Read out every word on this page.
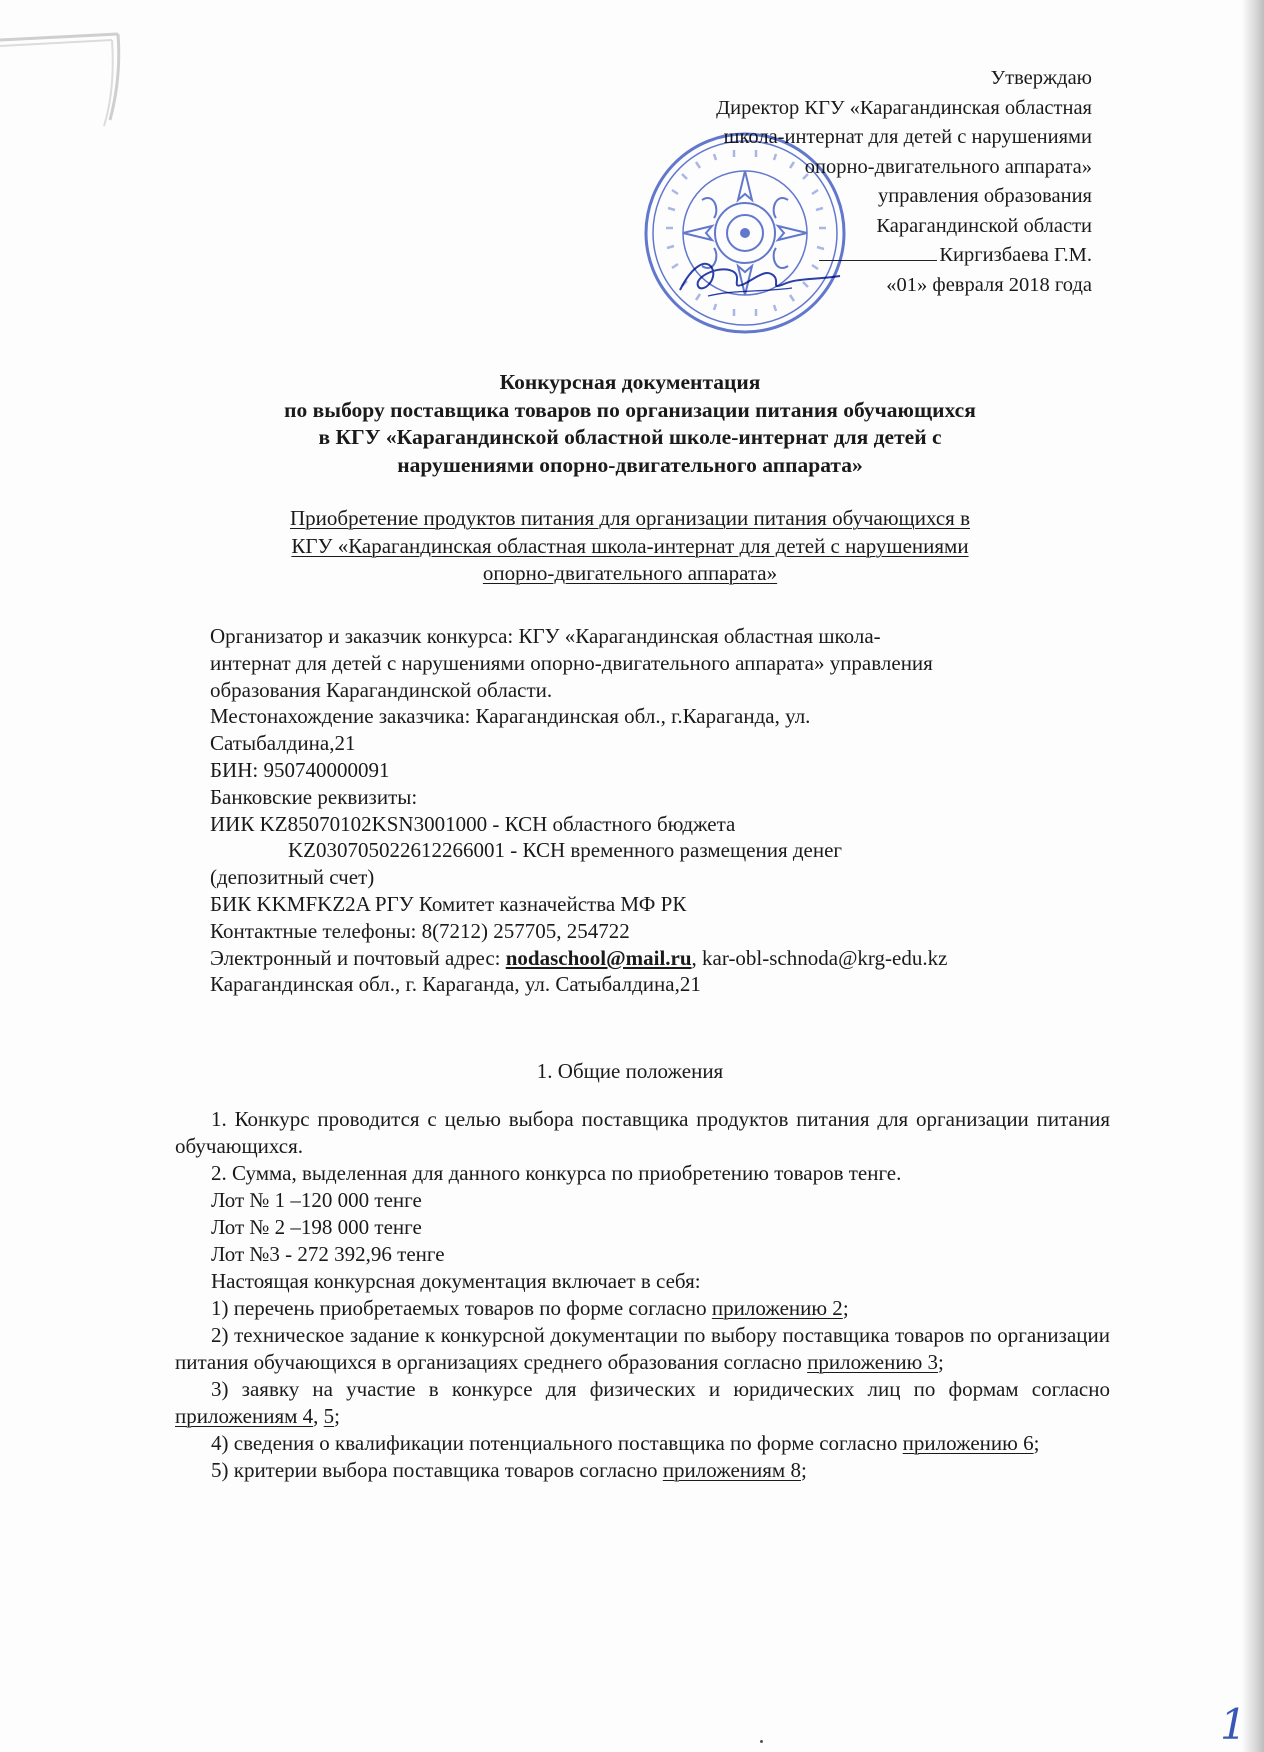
Утверждаю
Директор КГУ «Карагандинская областная
школа-интернат для детей с нарушениями
опорно-двигательного аппарата»
управления образования
Карагандинской области
Киргизбаева Г.М.
«01» февраля 2018 года
Конкурсная документация
по выбору поставщика товаров по организации питания обучающихся
в КГУ «Карагандинской областной школе-интернат для детей с
нарушениями опорно-двигательного аппарата»
Приобретение продуктов питания для организации питания обучающихся в
КГУ «Карагандинская областная школа-интернат для детей с нарушениями
опорно-двигательного аппарата»
Организатор и заказчик конкурса: КГУ «Карагандинская областная школа-
интернат для детей с нарушениями опорно-двигательного аппарата» управления
образования Карагандинской области.
Местонахождение заказчика: Карагандинская обл., г.Караганда, ул.
Сатыбалдина,21
БИН: 950740000091
Банковские реквизиты:
ИИК KZ85070102KSN3001000 - КСН областного бюджета
KZ030705022612266001 - КСН временного размещения денег
(депозитный счет)
БИК KKMFKZ2A РГУ Комитет казначейства МФ РК
Контактные телефоны: 8(7212) 257705, 254722
Электронный и почтовый адрес: nodaschool@mail.ru, kar-obl-schnoda@krg-edu.kz
Карагандинская обл., г. Караганда, ул. Сатыбалдина,21
1. Общие положения

1. Конкурс проводится с целью выбора поставщика продуктов питания для организации питания обучающихся.

2. Сумма, выделенная для данного конкурса по приобретению товаров тенге.

Лот № 1 –120 000 тенге

Лот № 2 –198 000 тенге

Лот №3 - 272 392,96 тенге

Настоящая конкурсная документация включает в себя:

1) перечень приобретаемых товаров по форме согласно приложению 2;

2) техническое задание к конкурсной документации по выбору поставщика товаров по организации питания обучающихся в организациях среднего образования согласно приложению 3;

3) заявку на участие в конкурсе для физических и юридических лиц по формам согласно приложениям 4, 5;

4) сведения о квалификации потенциального поставщика по форме согласно приложению 6;

5) критерии выбора поставщика товаров согласно приложениям 8;

1
